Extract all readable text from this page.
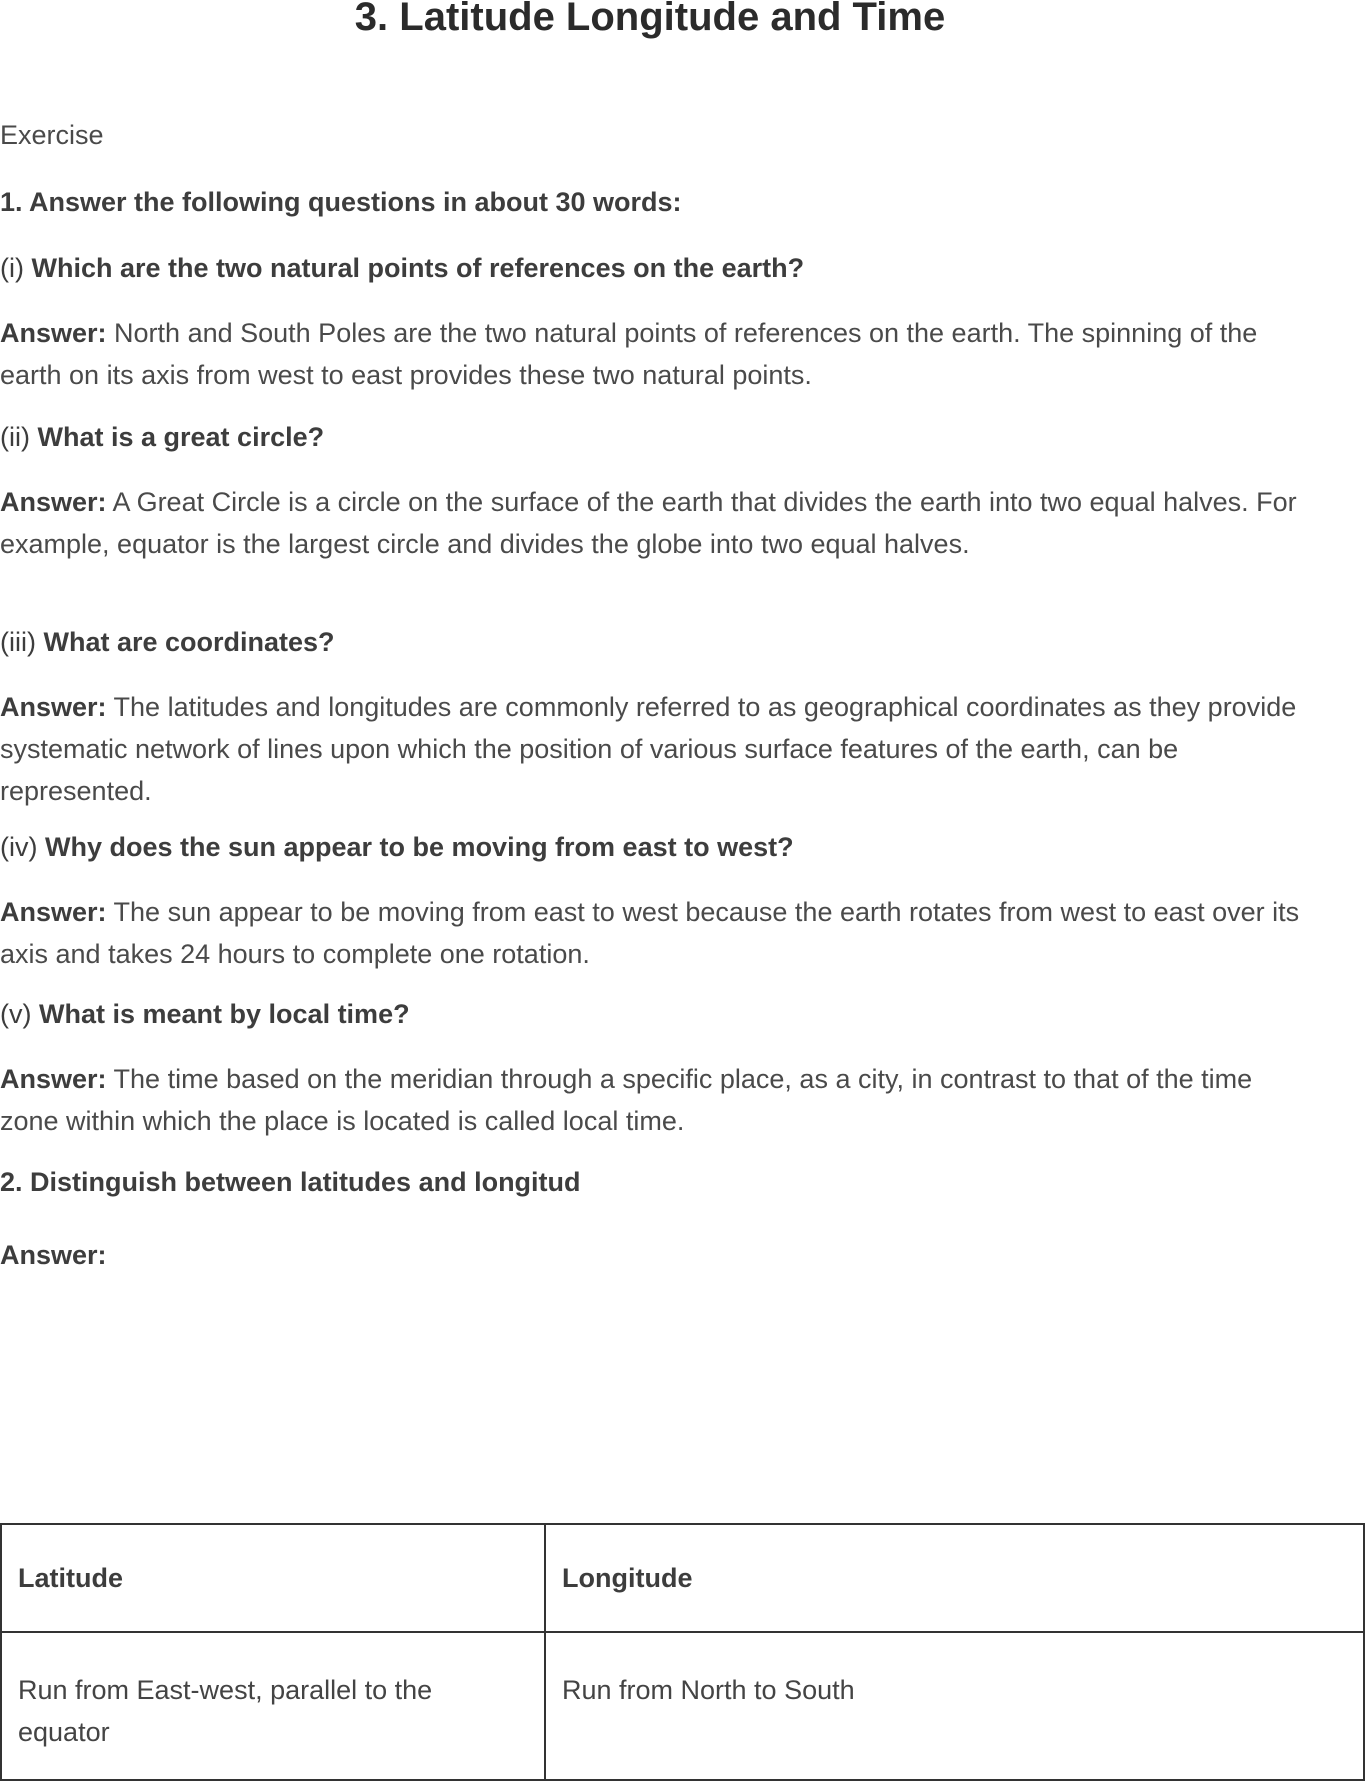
3. Latitude Longitude and Time

Exercise

1. Answer the following questions in about 30 words:

(i) Which are the two natural points of references on the earth?

Answer: North and South Poles are the two natural points of references on the earth. The spinning of the earth on its axis from west to east provides these two natural points.

(ii) What is a great circle?

Answer: A Great Circle is a circle on the surface of the earth that divides the earth into two equal halves. For example, equator is the largest circle and divides the globe into two equal halves.

(iii) What are coordinates?

Answer: The latitudes and longitudes are commonly referred to as geographical coordinates as they provide systematic network of lines upon which the position of various surface features of the earth, can be represented.

(iv) Why does the sun appear to be moving from east to west?

Answer: The sun appear to be moving from east to west because the earth rotates from west to east over its axis and takes 24 hours to complete one rotation.

(v) What is meant by local time?

Answer: The time based on the meridian through a specific place, as a city, in contrast to that of the time zone within which the place is located is called local time.

2. Distinguish between latitudes and longitud

Answer:

Latitude	Longitude
Run from East-west, parallel to the equator	Run from North to South
